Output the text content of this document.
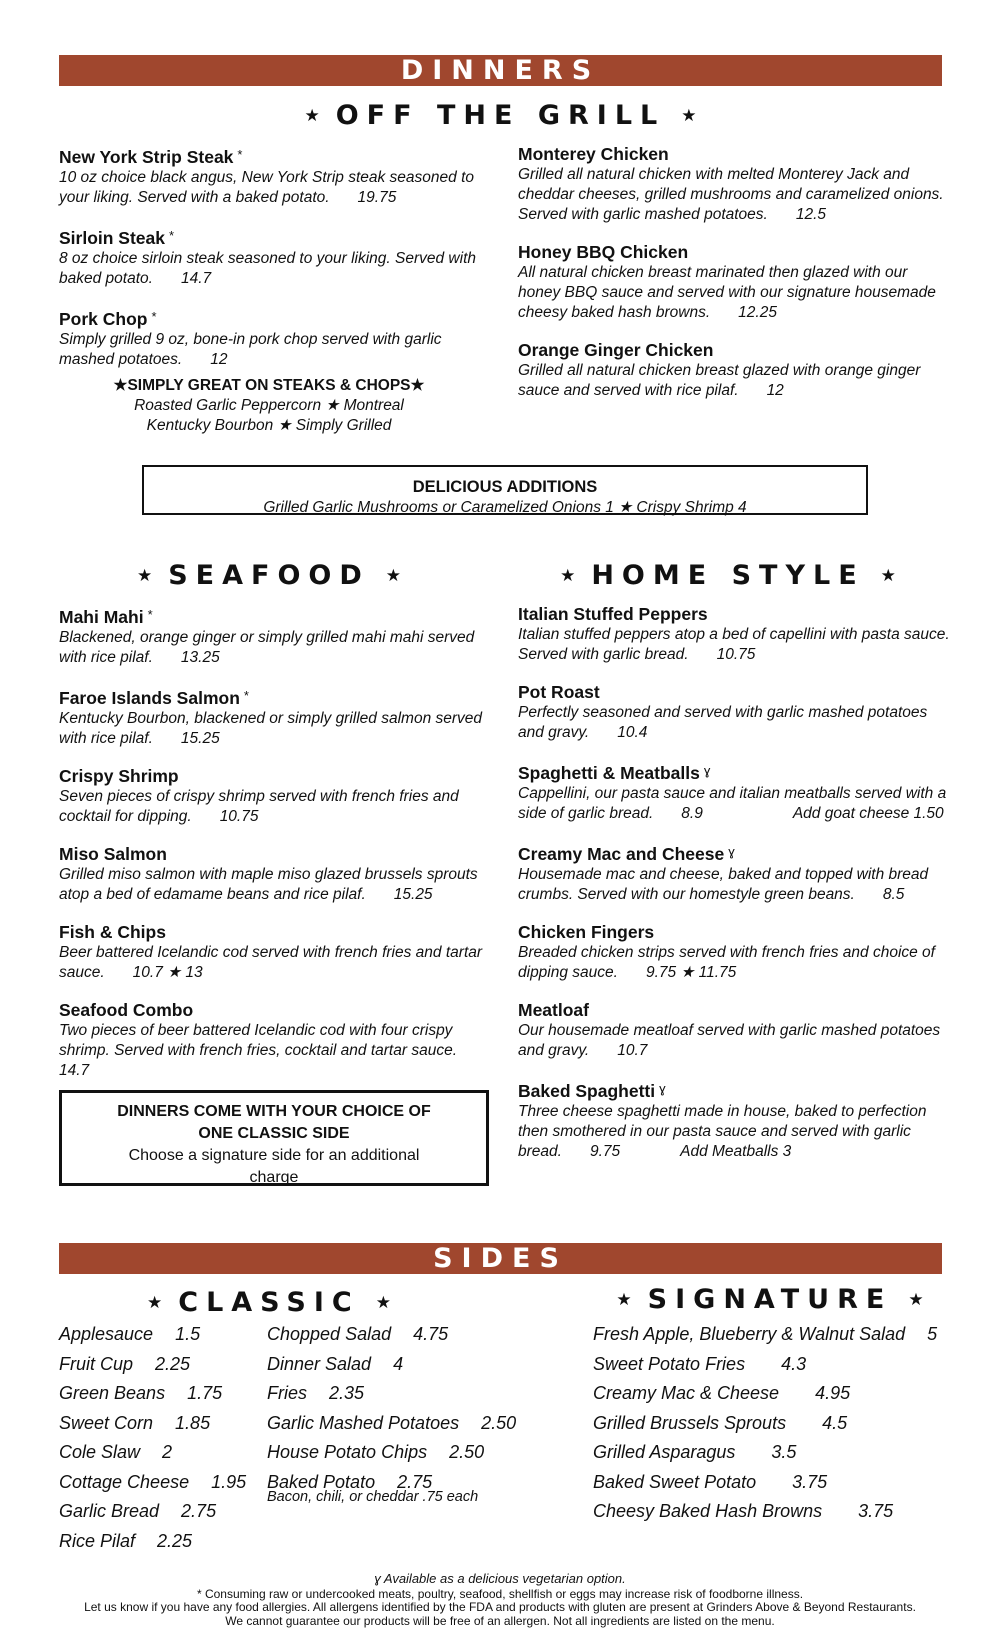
DINNERS
★ OFF THE GRILL ★
New York Strip Steak *
10 oz choice black angus, New York Strip steak seasoned to your liking. Served with a baked potato. 19.75
Sirloin Steak *
8 oz choice sirloin steak seasoned to your liking. Served with baked potato. 14.7
Pork Chop *
Simply grilled 9 oz, bone-in pork chop served with garlic mashed potatoes. 12
★SIMPLY GREAT ON STEAKS & CHOPS★
Roasted Garlic Peppercorn ★ Montreal
Kentucky Bourbon ★ Simply Grilled
Monterey Chicken
Grilled all natural chicken with melted Monterey Jack and cheddar cheeses, grilled mushrooms and caramelized onions. Served with garlic mashed potatoes. 12.5
Honey BBQ Chicken
All natural chicken breast marinated then glazed with our honey BBQ sauce and served with our signature housemade cheesy baked hash browns. 12.25
Orange Ginger Chicken
Grilled all natural chicken breast glazed with orange ginger sauce and served with rice pilaf. 12
DELICIOUS ADDITIONS
Grilled Garlic Mushrooms or Caramelized Onions 1 ★ Crispy Shrimp 4
★ SEAFOOD ★	★ HOME STYLE ★
Mahi Mahi *
Blackened, orange ginger or simply grilled mahi mahi served with rice pilaf. 13.25
Faroe Islands Salmon *
Kentucky Bourbon, blackened or simply grilled salmon served with rice pilaf. 15.25
Crispy Shrimp
Seven pieces of crispy shrimp served with french fries and cocktail for dipping. 10.75
Miso Salmon
Grilled miso salmon with maple miso glazed brussels sprouts atop a bed of edamame beans and rice pilaf. 15.25
Fish & Chips
Beer battered Icelandic cod served with french fries and tartar sauce. 10.7 ★ 13
Seafood Combo
Two pieces of beer battered Icelandic cod with four crispy shrimp. Served with french fries, cocktail and tartar sauce. 14.7
DINNERS COME WITH YOUR CHOICE OF ONE CLASSIC SIDE
Choose a signature side for an additional charge
Italian Stuffed Peppers
Italian stuffed peppers atop a bed of capellini with pasta sauce. Served with garlic bread. 10.75
Pot Roast
Perfectly seasoned and served with garlic mashed potatoes and gravy. 10.4
Spaghetti & Meatballs $^ɣ$
Cappellini, our pasta sauce and italian meatballs served with a side of garlic bread. 8.9	Add goat cheese 1.50
Creamy Mac and Cheese $^ɣ$
Housemade mac and cheese, baked and topped with bread crumbs. Served with our homestyle green beans. 8.5
Chicken Fingers
Breaded chicken strips served with french fries and choice of dipping sauce. 9.75 ★ 11.75
Meatloaf
Our housemade meatloaf served with garlic mashed potatoes and gravy. 10.7
Baked Spaghetti $^ɣ$
Three cheese spaghetti made in house, baked to perfection then smothered in our pasta sauce and served with garlic bread. 9.75	Add Meatballs 3
SIDES
★ CLASSIC ★	★ SIGNATURE ★
Applesauce 1.5
Fruit Cup 2.25
Green Beans 1.75
Sweet Corn 1.85
Cole Slaw 2
Cottage Cheese 1.95
Garlic Bread 2.75
Rice Pilaf 2.25
Chopped Salad 4.75
Dinner Salad 4
Fries 2.35
Garlic Mashed Potatoes 2.50
House Potato Chips 2.50
Baked Potato 2.75
Bacon, chili, or cheddar .75 each
Fresh Apple, Blueberry & Walnut Salad 5
Sweet Potato Fries 4.3
Creamy Mac & Cheese 4.95
Grilled Brussels Sprouts 4.5
Grilled Asparagus 3.5
Baked Sweet Potato 3.75
Cheesy Baked Hash Browns 3.75
ɣ Available as a delicious vegetarian option.
* Consuming raw or undercooked meats, poultry, seafood, shellfish or eggs may increase risk of foodborne illness.
Let us know if you have any food allergies. All allergens identified by the FDA and products with gluten are present at Grinders Above & Beyond Restaurants.
We cannot guarantee our products will be free of an allergen. Not all ingredients are listed on the menu.
